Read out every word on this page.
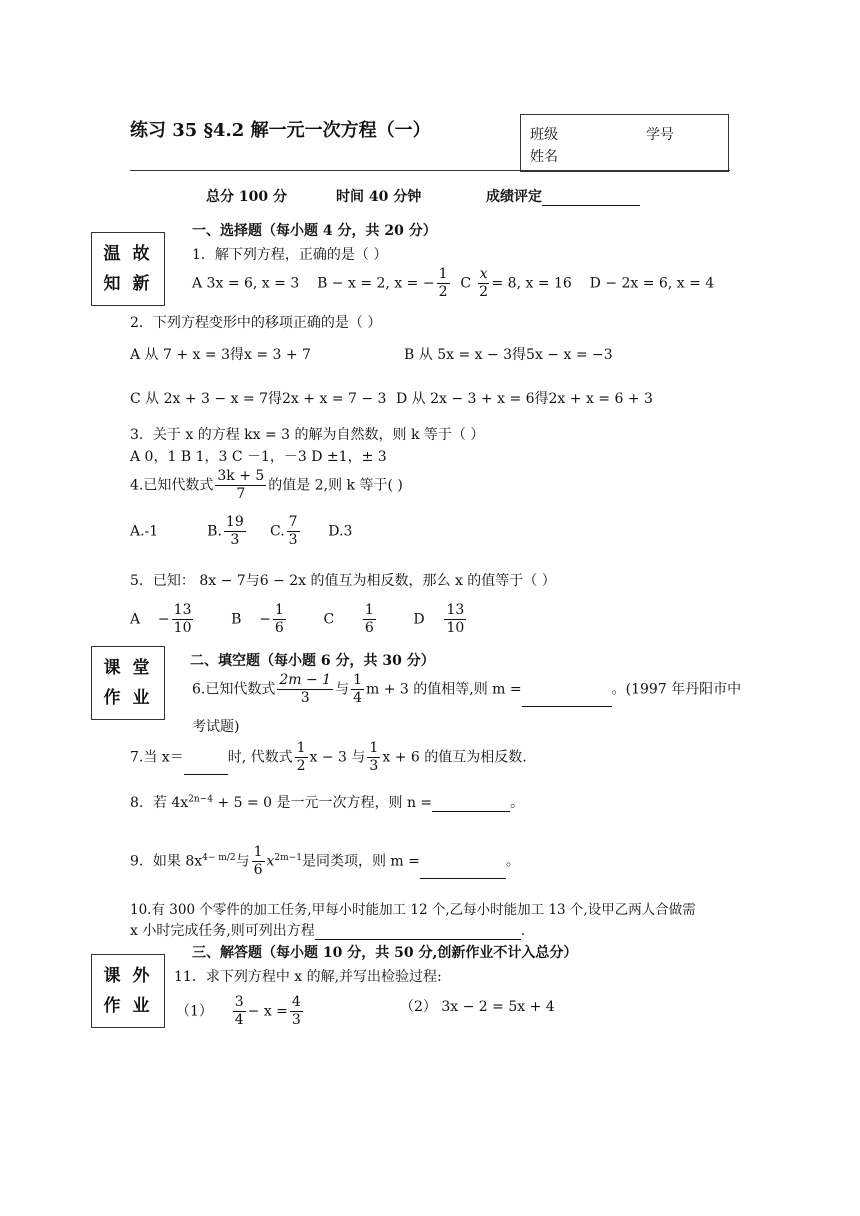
练习 35 §4.2 解一元一次方程（一）	班级	学号
姓名
总分 100 分	时间 40 分钟	成绩评定
温 故
知 新
课 堂
作 业
课 外
作 业
一、选择题（每小题 4 分，共 20 分）
1．解下列方程，正确的是（ ）
A 3x = 6, x = 3 B − x = 2, x = − $\frac{1}{2}$ C $\frac{x}{2} = 8$, x = 16 D − 2x = 6, x = 4
2．下列方程变形中的移项正确的是（ ）
A 从 7 + x = 3得x = 3 + 7	B 从 5x = x − 3得5x − x = −3
C 从 2x + 3 − x = 7得2x + x = 7 − 3 D 从 2x − 3 + x = 6得2x + x = 6 + 3
3．关于 x 的方程 kx = 3 的解为自然数，则 k 等于（ ）
A 0，1 B 1，3 C －1，－3 D ±1，± 3
4.已知代数式 $\frac{3k + 5}{7}$ 的值是 2,则 k 等于( )
A.-1	B. $\frac{19}{3} C$. $\frac{7}{3} D.3$
5．已知： 8x − 7与6 − 2x 的值互为相反数，那么 x 的值等于（ ）
A    − $\frac{13}{10}$	B    − $\frac{1}{6}$	C $\frac{1}{6}$	D $\frac{13}{10}$
二、填空题（每小题 6 分，共 30 分）
6.已知代数式 $\frac{2m - 1}{3}$ 与 $\frac{1}{4}$ m + 3 的值相等,则 m =	。(1997 年丹阳市中
考试题)
7.当 x＝	时, 代数式 $\frac{1}{2}$ x − 3 与 $\frac{1}{3}$ x + 6 的值互为相反数.
8．若 $4x^{2n-4} + 5 = 0$ 是一元一次方程，则 n =	。
9．如果 $8x^{4- m/2}$与 $\frac{1}{6} x^{2m-1}$是同类项，则 m =	。
10.有 300 个零件的加工任务,甲每小时能加工 12 个,乙每小时能加工 13 个,设甲乙两人合做需
x 小时完成任务,则可列出方程	.
三、解答题（每小题 10 分，共 50 分,创新作业不计入总分）
11．求下列方程中 x 的解,并写出检验过程:
$(1) \frac{3}{4} - x = \frac{4}{3}$	（2） 3x − 2 = 5x + 4
